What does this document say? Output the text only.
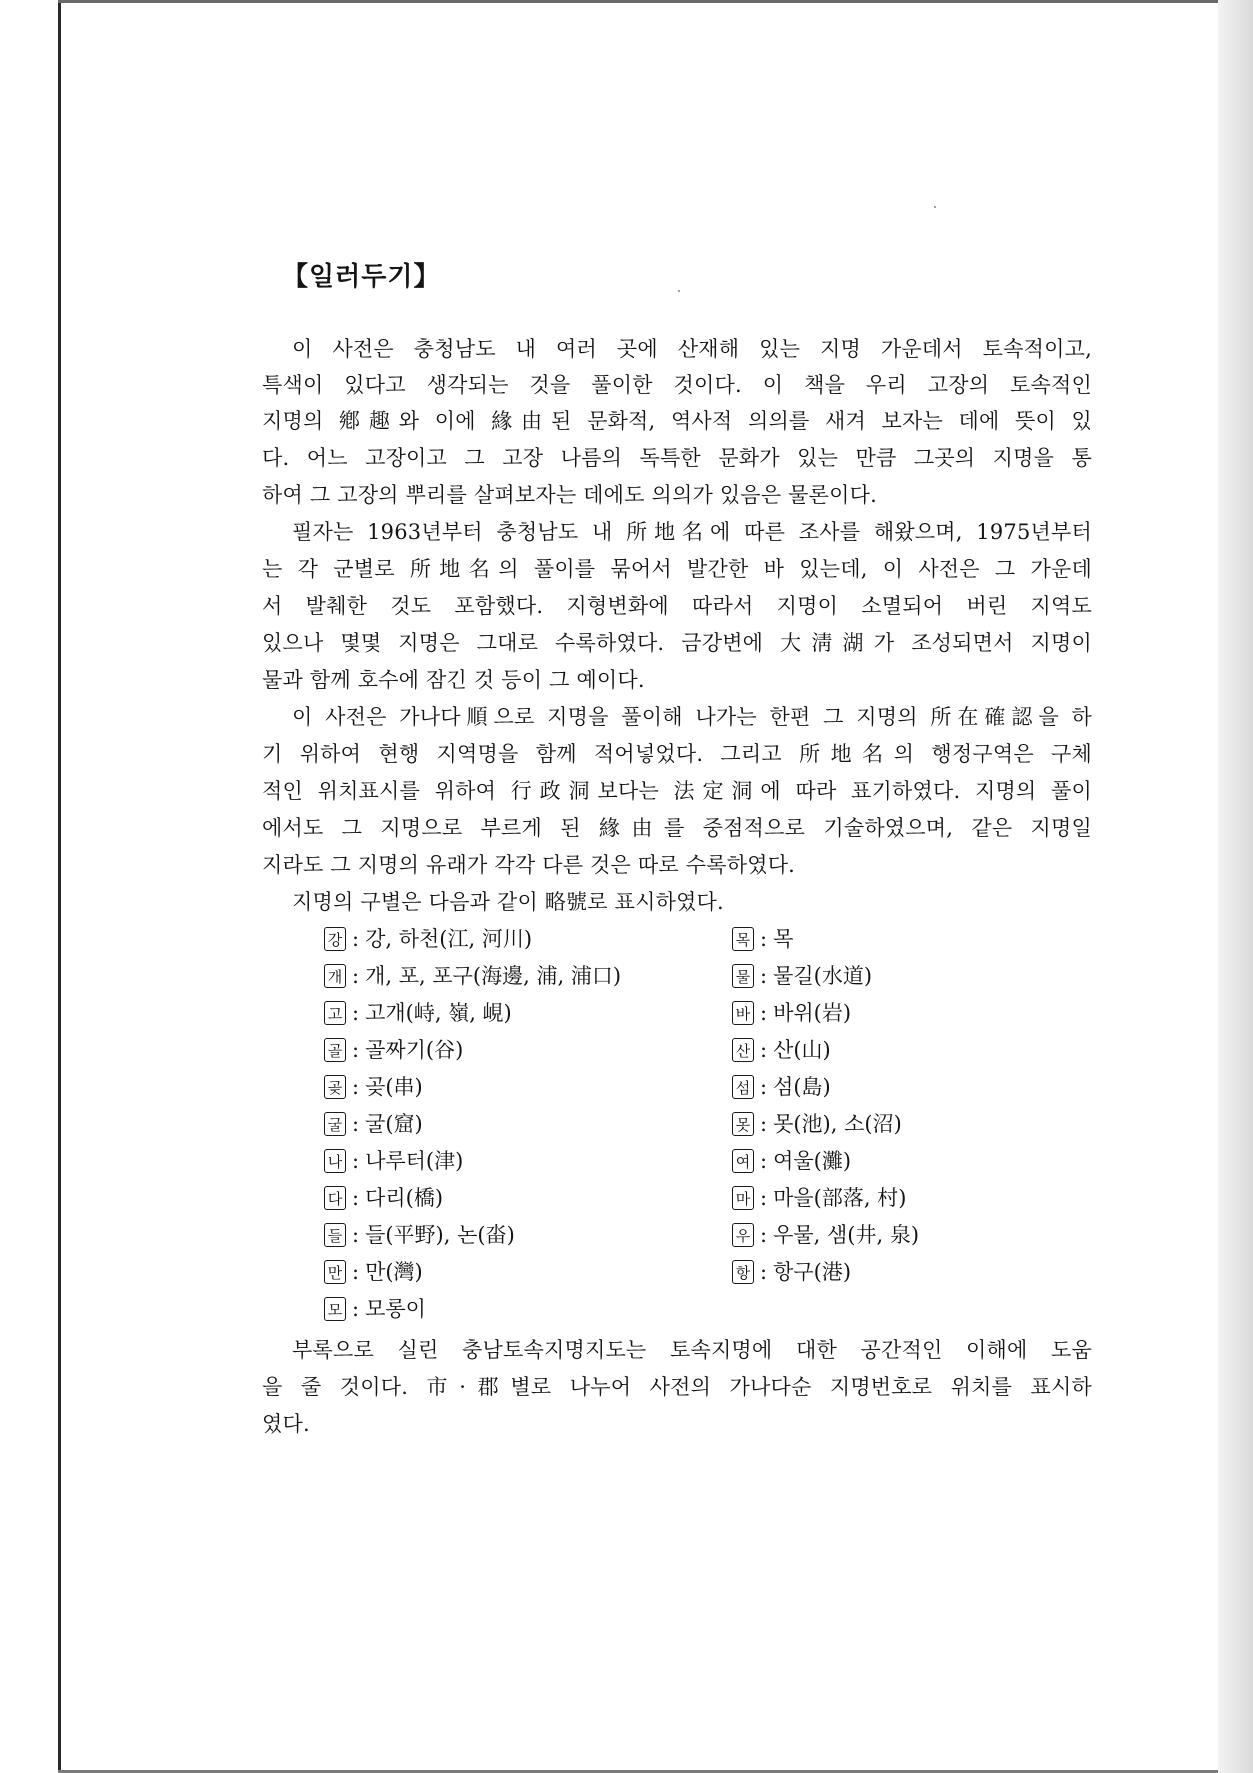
【일러두기】
이 사전은 충청남도 내 여러 곳에 산재해 있는 지명 가운데서 토속적이고,
특색이 있다고 생각되는 것을 풀이한 것이다. 이 책을 우리 고장의 토속적인
지명의 鄕趣와 이에 緣由된 문화적, 역사적 의의를 새겨 보자는 데에 뜻이 있
다. 어느 고장이고 그 고장 나름의 독특한 문화가 있는 만큼 그곳의 지명을 통
하여 그 고장의 뿌리를 살펴보자는 데에도 의의가 있음은 물론이다.
필자는 1963년부터 충청남도 내 所地名에 따른 조사를 해왔으며, 1975년부터
는 각 군별로 所地名의 풀이를 묶어서 발간한 바 있는데, 이 사전은 그 가운데
서 발췌한 것도 포함했다. 지형변화에 따라서 지명이 소멸되어 버린 지역도
있으나 몇몇 지명은 그대로 수록하였다. 금강변에 大淸湖가 조성되면서 지명이
물과 함께 호수에 잠긴 것 등이 그 예이다.
이 사전은 가나다順으로 지명을 풀이해 나가는 한편 그 지명의 所在確認을 하
기 위하여 현행 지역명을 함께 적어넣었다. 그리고 所地名의 행정구역은 구체
적인 위치표시를 위하여 行政洞보다는 法定洞에 따라 표기하였다. 지명의 풀이
에서도 그 지명으로 부르게 된 緣由를 중점적으로 기술하였으며, 같은 지명일
지라도 그 지명의 유래가 각각 다른 것은 따로 수록하였다.
지명의 구별은 다음과 같이 略號로 표시하였다.
강 : 강, 하천(江, 河川)
개 : 개, 포, 포구(海邊, 浦, 浦口)
고 : 고개(峙, 嶺, 峴)
골 : 골짜기(谷)
곶 : 곶(串)
굴 : 굴(窟)
나 : 나루터(津)
다 : 다리(橋)
들 : 들(平野), 논(畓)
만 : 만(灣)
모 : 모롱이
목 : 목
물 : 물길(水道)
바 : 바위(岩)
산 : 산(山)
섬 : 섬(島)
못 : 못(池), 소(沼)
여 : 여울(灘)
마 : 마을(部落, 村)
우 : 우물, 샘(井, 泉)
항 : 항구(港)
부록으로 실린 충남토속지명지도는 토속지명에 대한 공간적인 이해에 도움
을 줄 것이다. 市·郡별로 나누어 사전의 가나다순 지명번호로 위치를 표시하
였다.
